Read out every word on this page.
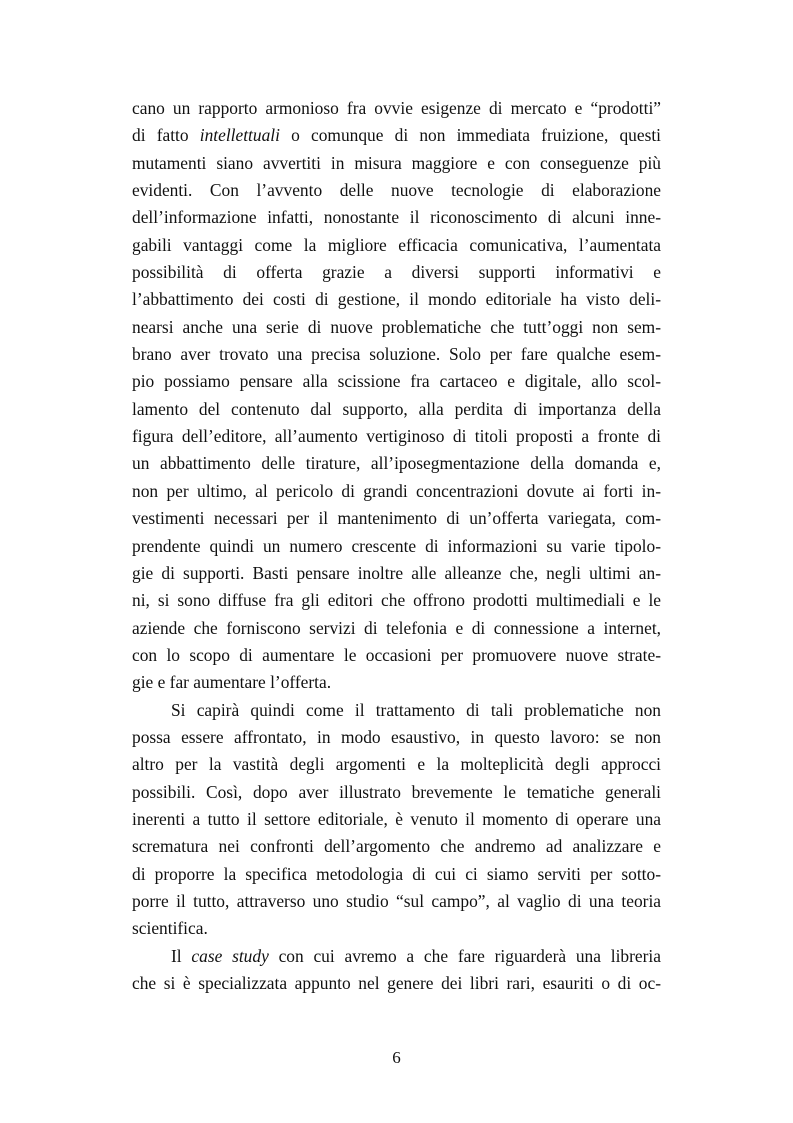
cano un rapporto armonioso fra ovvie esigenze di mercato e “prodotti”
di fatto intellettuali o comunque di non immediata fruizione, questi
mutamenti siano avvertiti in misura maggiore e con conseguenze più
evidenti. Con l’avvento delle nuove tecnologie di elaborazione
dell’informazione infatti, nonostante il riconoscimento di alcuni inne-
gabili vantaggi come la migliore efficacia comunicativa, l’aumentata
possibilità di offerta grazie a diversi supporti informativi e
l’abbattimento dei costi di gestione, il mondo editoriale ha visto deli-
nearsi anche una serie di nuove problematiche che tutt’oggi non sem-
brano aver trovato una precisa soluzione. Solo per fare qualche esem-
pio possiamo pensare alla scissione fra cartaceo e digitale, allo scol-
lamento del contenuto dal supporto, alla perdita di importanza della
figura dell’editore, all’aumento vertiginoso di titoli proposti a fronte di
un abbattimento delle tirature, all’iposegmentazione della domanda e,
non per ultimo, al pericolo di grandi concentrazioni dovute ai forti in-
vestimenti necessari per il mantenimento di un’offerta variegata, com-
prendente quindi un numero crescente di informazioni su varie tipolo-
gie di supporti. Basti pensare inoltre alle alleanze che, negli ultimi an-
ni, si sono diffuse fra gli editori che offrono prodotti multimediali e le
aziende che forniscono servizi di telefonia e di connessione a internet,
con lo scopo di aumentare le occasioni per promuovere nuove strate-
gie e far aumentare l’offerta.
Si capirà quindi come il trattamento di tali problematiche non
possa essere affrontato, in modo esaustivo, in questo lavoro: se non
altro per la vastità degli argomenti e la molteplicità degli approcci
possibili. Così, dopo aver illustrato brevemente le tematiche generali
inerenti a tutto il settore editoriale, è venuto il momento di operare una
scrematura nei confronti dell’argomento che andremo ad analizzare e
di proporre la specifica metodologia di cui ci siamo serviti per sotto-
porre il tutto, attraverso uno studio “sul campo”, al vaglio di una teoria
scientifica.
Il case study con cui avremo a che fare riguarderà una libreria
che si è specializzata appunto nel genere dei libri rari, esauriti o di oc-
6
